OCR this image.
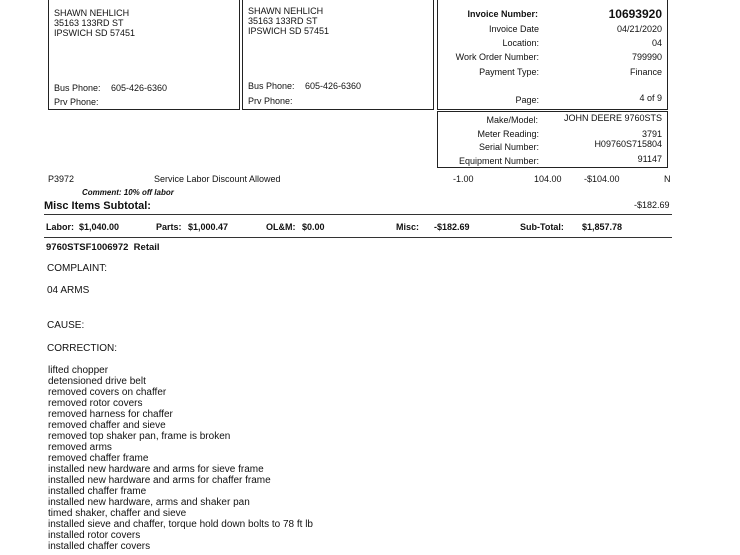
SHAWN NEHLICH
35163 133RD ST
IPSWICH SD 57451
Bus Phone: 605-426-6360
Prv Phone:
SHAWN NEHLICH
35163 133RD ST
IPSWICH SD 57451
Bus Phone: 605-426-6360
Prv Phone:
Invoice Number:	10693920
Invoice Date	04/21/2020
Location:	04
Work Order Number:	799990
Payment Type:	Finance
Page:	4 of 9
Make/Model:	JOHN DEERE 9760STS
Meter Reading:	3791
Serial Number:	H09760S715804
Equipment Number:	91147
P3972	Service Labor Discount Allowed	-1.00	104.00 -$104.00	N
Comment: 10% off labor
Misc Items Subtotal:	-$182.69
Labor: $1,040.00	Parts: $1,000.47	OL&M: $0.00	Misc: -$182.69	Sub-Total: $1,857.78
9760STSF1006972  Retail
COMPLAINT:
04 ARMS
CAUSE:
CORRECTION:
lifted chopper
detensioned drive belt
removed covers on chaffer
removed rotor covers
removed harness for chaffer
removed chaffer and sieve
removed top shaker pan, frame is broken
removed arms
removed chaffer frame
installed new hardware and arms for sieve frame
installed new hardware and arms for chaffer frame
installed chaffer frame
installed new hardware, arms and shaker pan
timed shaker, chaffer and sieve
installed sieve and chaffer, torque hold down bolts to 78 ft lb
installed rotor covers
installed chaffer covers
